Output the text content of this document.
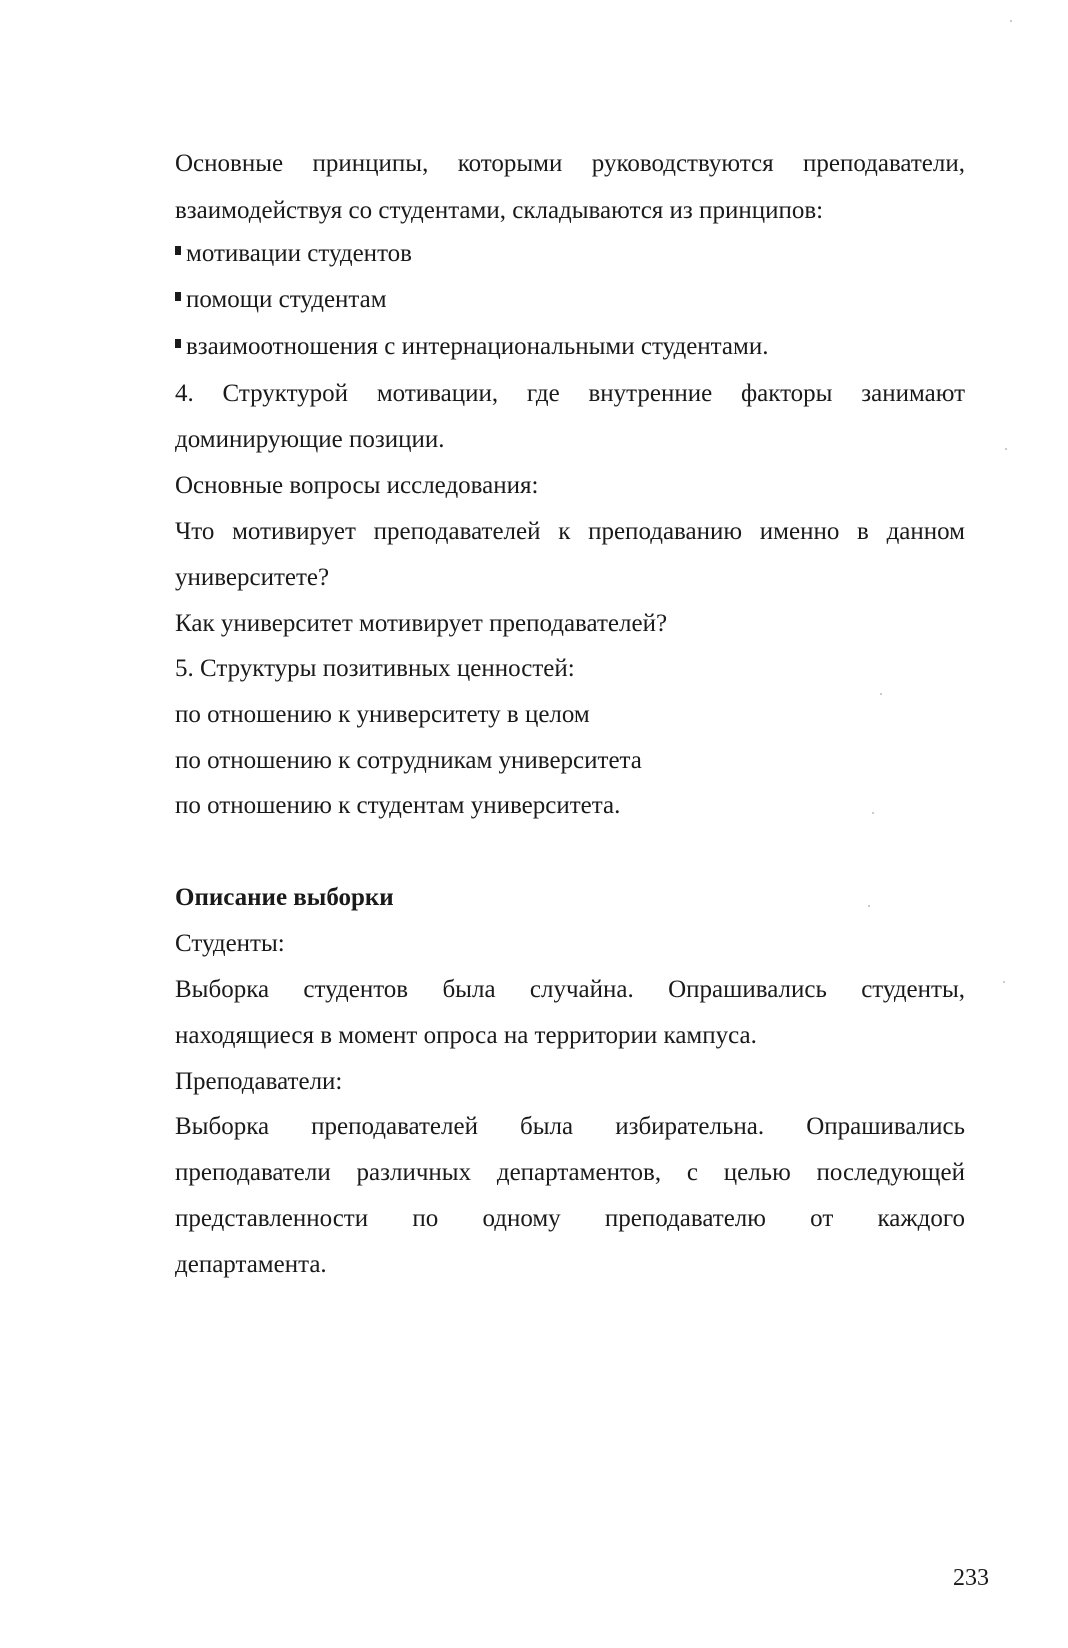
Основные принципы, которыми руководствуются преподаватели,
взаимодействуя со студентами, складываются из принципов:
мотивации студентов
помощи студентам
взаимоотношения с интернациональными студентами.
4. Структурой мотивации, где внутренние факторы занимают
доминирующие позиции.
Основные вопросы исследования:
Что мотивирует преподавателей к преподаванию именно в данном
университете?
Как университет мотивирует преподавателей?
5. Структуры позитивных ценностей:
по отношению к университету в целом
по отношению к сотрудникам университета
по отношению к студентам университета.
Описание выборки
Студенты:
Выборка студентов была случайна. Опрашивались студенты,
находящиеся в момент опроса на территории кампуса.
Преподаватели:
Выборка преподавателей была избирательна. Опрашивались
преподаватели различных департаментов, с целью последующей
представленности по одному преподавателю от каждого
департамента.
233
